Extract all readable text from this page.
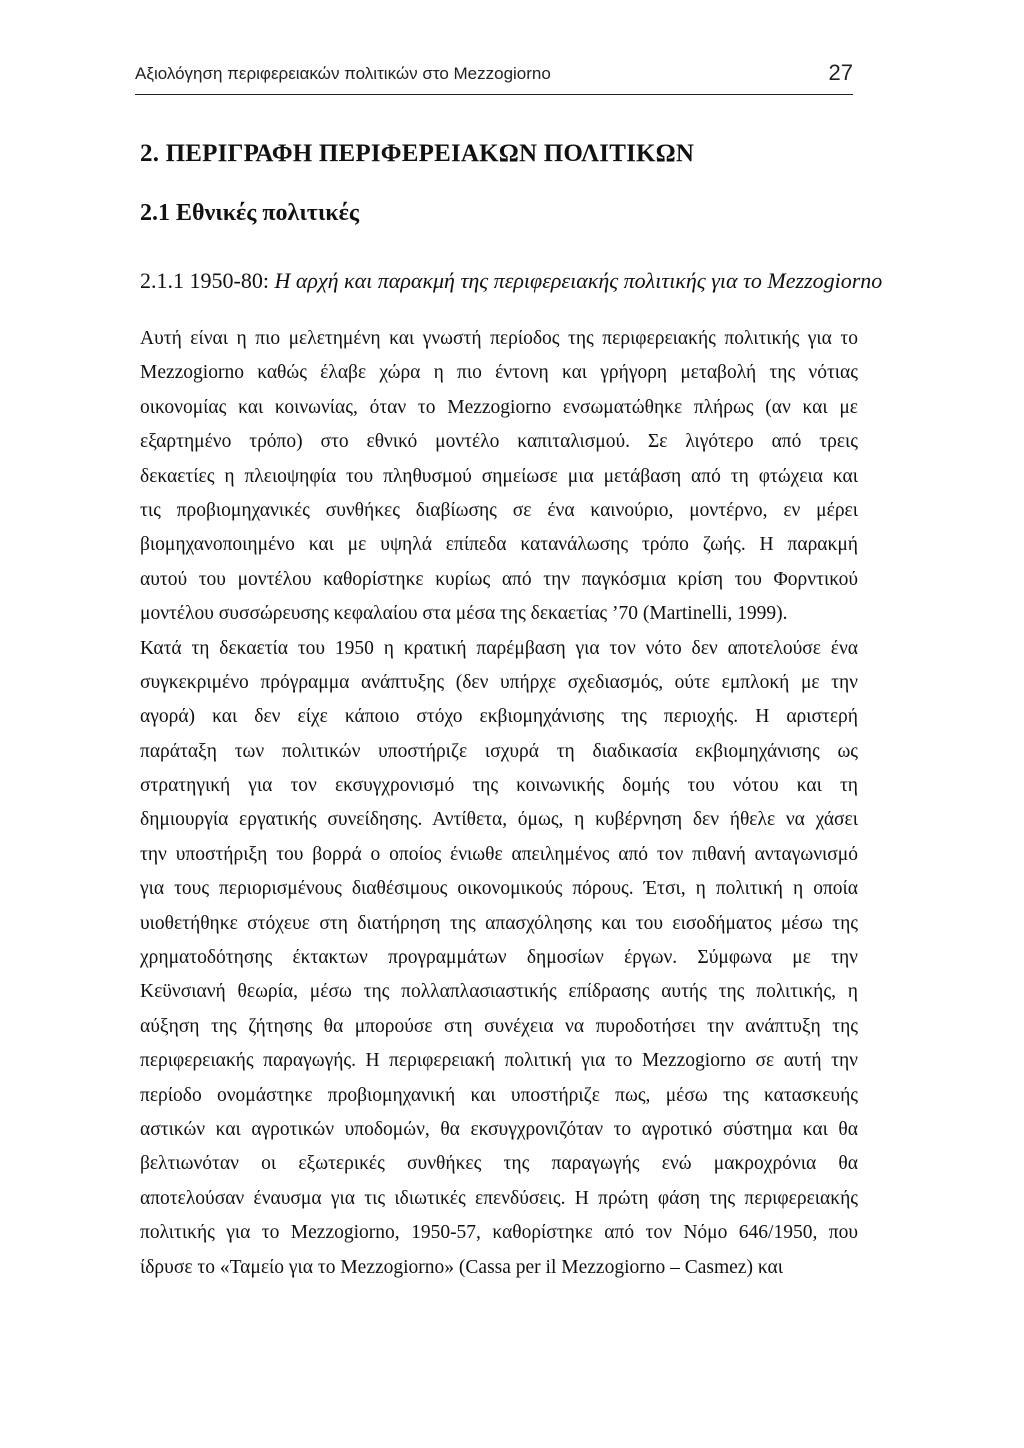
Αξιολόγηση περιφερειακών πολιτικών στο Mezzogiorno	27
2. ΠΕΡΙΓΡΑΦΗ ΠΕΡΙΦΕΡΕΙΑΚΩΝ ΠΟΛΙΤΙΚΩΝ
2.1 Εθνικές πολιτικές
2.1.1 1950-80: Η αρχή και παρακμή της περιφερειακής πολιτικής για το Mezzogiorno
Αυτή είναι η πιο μελετημένη και γνωστή περίοδος της περιφερειακής πολιτικής για το
Mezzogiorno καθώς έλαβε χώρα η πιο έντονη και γρήγορη μεταβολή της νότιας
οικονομίας και κοινωνίας, όταν το Mezzogiorno ενσωματώθηκε πλήρως (αν και με
εξαρτημένο τρόπο) στο εθνικό μοντέλο καπιταλισμού. Σε λιγότερο από τρεις
δεκαετίες η πλειοψηφία του πληθυσμού σημείωσε μια μετάβαση από τη φτώχεια και
τις προβιομηχανικές συνθήκες διαβίωσης σε ένα καινούριο, μοντέρνο, εν μέρει
βιομηχανοποιημένο και με υψηλά επίπεδα κατανάλωσης τρόπο ζωής. Η παρακμή
αυτού του μοντέλου καθορίστηκε κυρίως από την παγκόσμια κρίση του Φορντικού
μοντέλου συσσώρευσης κεφαλαίου στα μέσα της δεκαετίας ’70 (Martinelli, 1999).
Κατά τη δεκαετία του 1950 η κρατική παρέμβαση για τον νότο δεν αποτελούσε ένα
συγκεκριμένο πρόγραμμα ανάπτυξης (δεν υπήρχε σχεδιασμός, ούτε εμπλοκή με την
αγορά) και δεν είχε κάποιο στόχο εκβιομηχάνισης της περιοχής. Η αριστερή
παράταξη των πολιτικών υποστήριζε ισχυρά τη διαδικασία εκβιομηχάνισης ως
στρατηγική για τον εκσυγχρονισμό της κοινωνικής δομής του νότου και τη
δημιουργία εργατικής συνείδησης. Αντίθετα, όμως, η κυβέρνηση δεν ήθελε να χάσει
την υποστήριξη του βορρά ο οποίος ένιωθε απειλημένος από τον πιθανή ανταγωνισμό
για τους περιορισμένους διαθέσιμους οικονομικούς πόρους. Έτσι, η πολιτική η οποία
υιοθετήθηκε στόχευε στη διατήρηση της απασχόλησης και του εισοδήματος μέσω της
χρηματοδότησης έκτακτων προγραμμάτων δημοσίων έργων. Σύμφωνα με την
Κεϋνσιανή θεωρία, μέσω της πολλαπλασιαστικής επίδρασης αυτής της πολιτικής, η
αύξηση της ζήτησης θα μπορούσε στη συνέχεια να πυροδοτήσει την ανάπτυξη της
περιφερειακής παραγωγής. Η περιφερειακή πολιτική για το Mezzogiorno σε αυτή την
περίοδο ονομάστηκε προβιομηχανική και υποστήριζε πως, μέσω της κατασκευής
αστικών και αγροτικών υποδομών, θα εκσυγχρονιζόταν το αγροτικό σύστημα και θα
βελτιωνόταν οι εξωτερικές συνθήκες της παραγωγής ενώ μακροχρόνια θα
αποτελούσαν έναυσμα για τις ιδιωτικές επενδύσεις. Η πρώτη φάση της περιφερειακής
πολιτικής για το Mezzogiorno, 1950-57, καθορίστηκε από τον Νόμο 646/1950, που
ίδρυσε το «Ταμείο για το Mezzogiorno» (Cassa per il Mezzogiorno – Casmez) και
